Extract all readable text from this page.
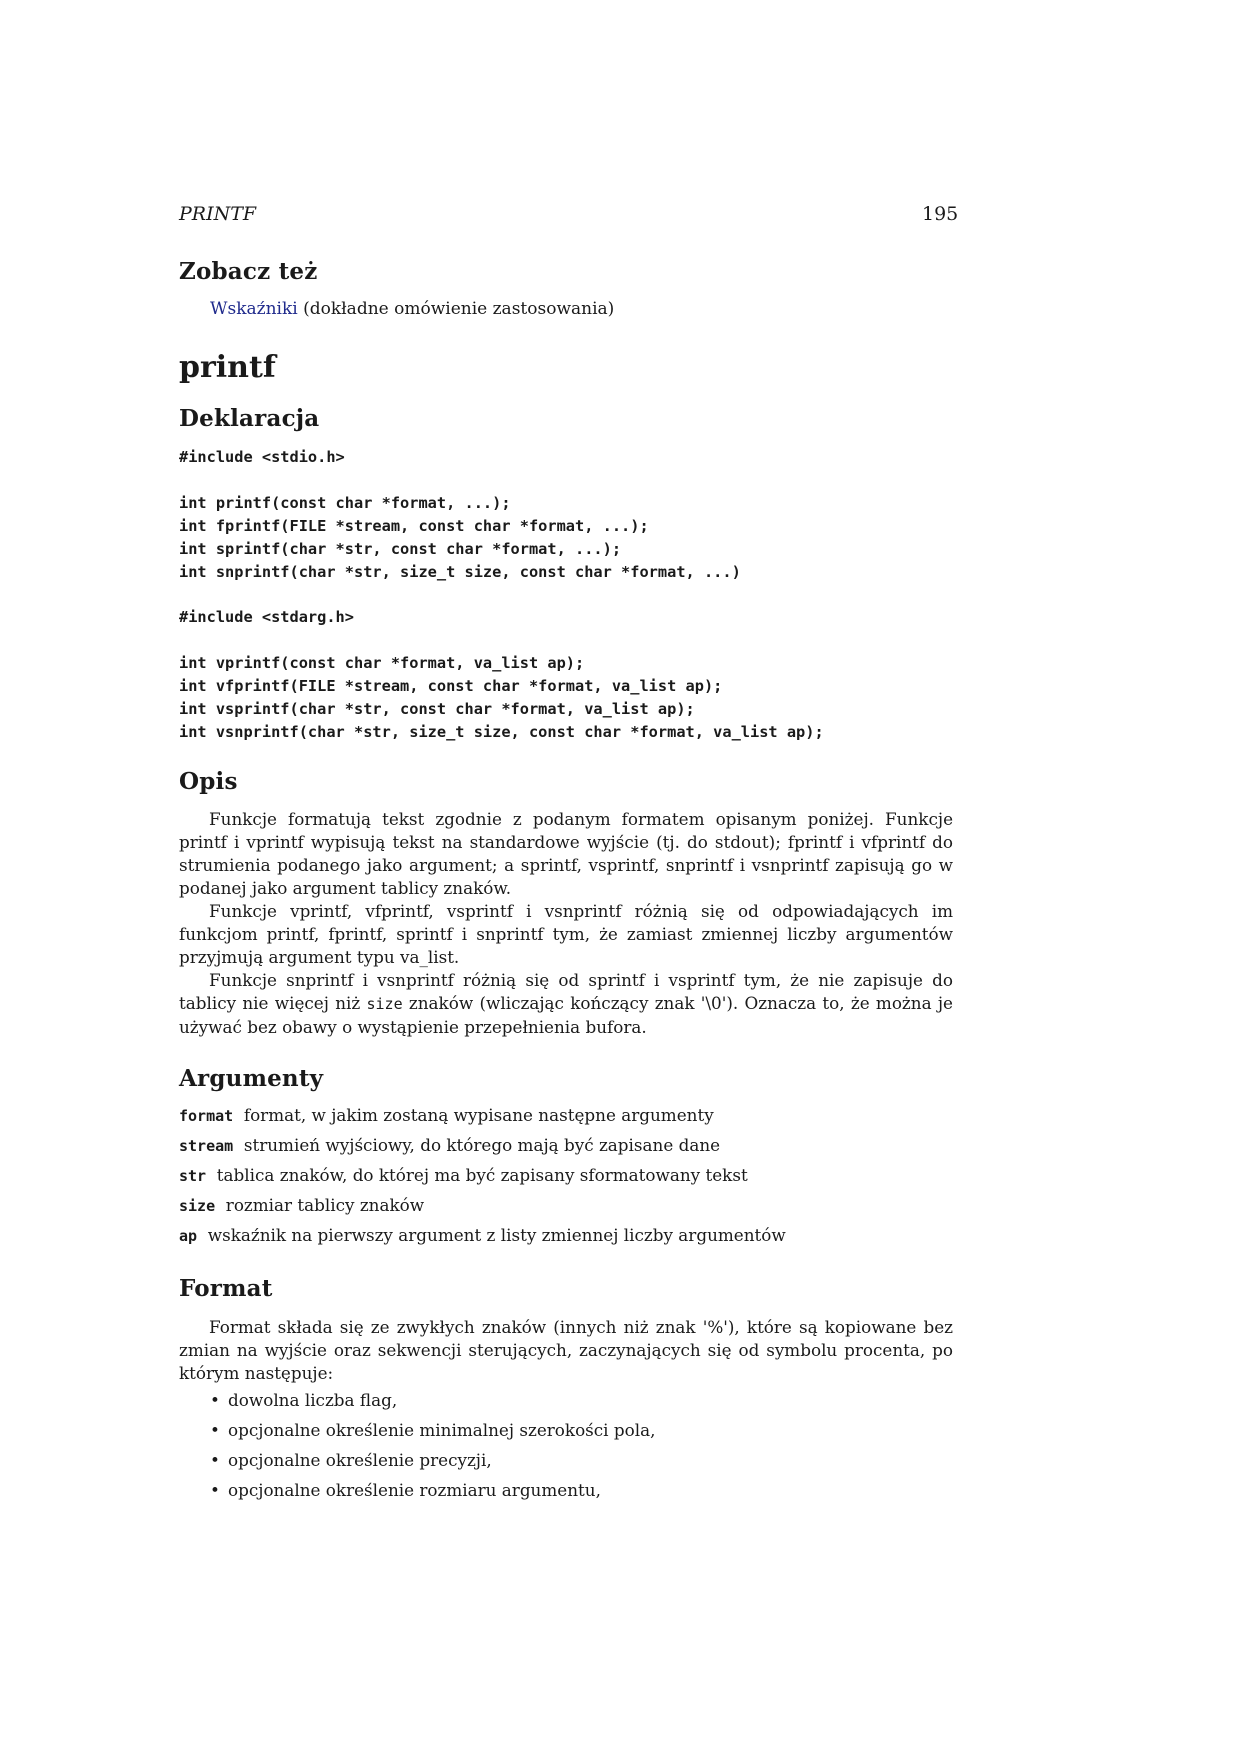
PRINTF	195
Zobacz też
Wskaźniki (dokładne omówienie zastosowania)
printf
Deklaracja
#include <stdio.h>
int printf(const char *format, ...);
int fprintf(FILE *stream, const char *format, ...);
int sprintf(char *str, const char *format, ...);
int snprintf(char *str, size_t size, const char *format, ...)
#include <stdarg.h>
int vprintf(const char *format, va_list ap);
int vfprintf(FILE *stream, const char *format, va_list ap);
int vsprintf(char *str, const char *format, va_list ap);
int vsnprintf(char *str, size_t size, const char *format, va_list ap);
Opis
Funkcje formatują tekst zgodnie z podanym formatem opisanym poniżej. Funkcje printf i vprintf wypisują tekst na standardowe wyjście (tj. do stdout); fprintf i vfprintf do strumienia podanego jako argument; a sprintf, vsprintf, snprintf i vsnprintf zapisują go w podanej jako argument tablicy znaków.
Funkcje vprintf, vfprintf, vsprintf i vsnprintf różnią się od odpowiadających im funkcjom printf, fprintf, sprintf i snprintf tym, że zamiast zmiennej liczby argumentów przyjmują argument typu va_list.
Funkcje snprintf i vsnprintf różnią się od sprintf i vsprintf tym, że nie zapisuje do tablicy nie więcej niż size znaków (wliczając kończący znak '\0'). Oznacza to, że można je używać bez obawy o wystąpienie przepełnienia bufora.
Argumenty
format format, w jakim zostaną wypisane następne argumenty
stream strumień wyjściowy, do którego mają być zapisane dane
str tablica znaków, do której ma być zapisany sformatowany tekst
size rozmiar tablicy znaków
ap wskaźnik na pierwszy argument z listy zmiennej liczby argumentów
Format
Format składa się ze zwykłych znaków (innych niż znak '%'), które są kopiowane bez zmian na wyjście oraz sekwencji sterujących, zaczynających się od symbolu procenta, po którym następuje:
• dowolna liczba flag,
• opcjonalne określenie minimalnej szerokości pola,
• opcjonalne określenie precyzji,
• opcjonalne określenie rozmiaru argumentu,
